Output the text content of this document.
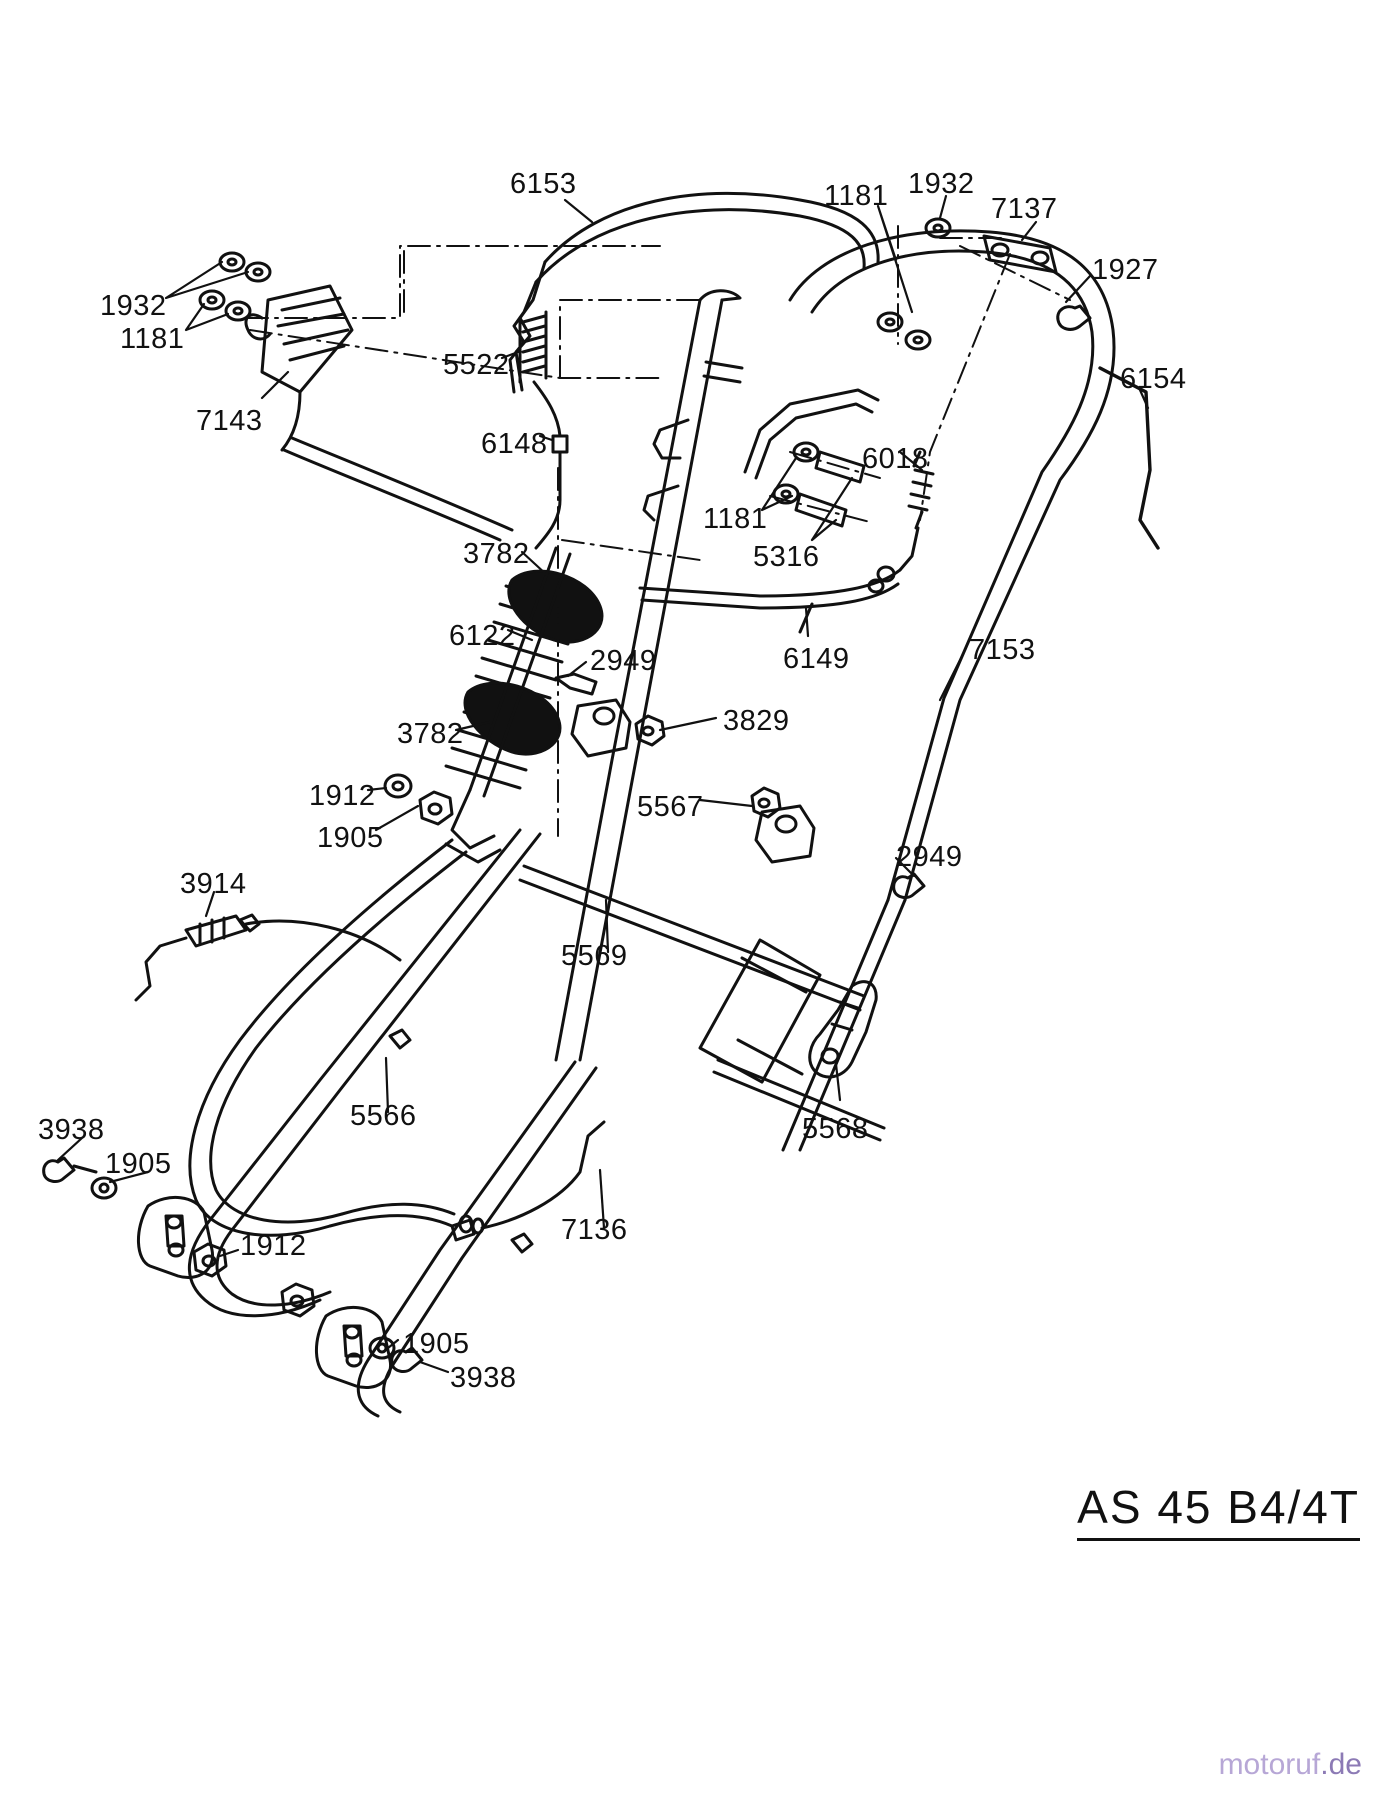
6153	1181 1932
7137
1927
1932
1181
5522	6154
7143
6148	6018
1181
5316
3782
6122
2949	6149	7153
3829
3782
1912	5567
1905
2949
3914
5569
5568
5566
3938
1905
7136
1912
1905
3938
AS 45 B4/4T
motoruf.de
